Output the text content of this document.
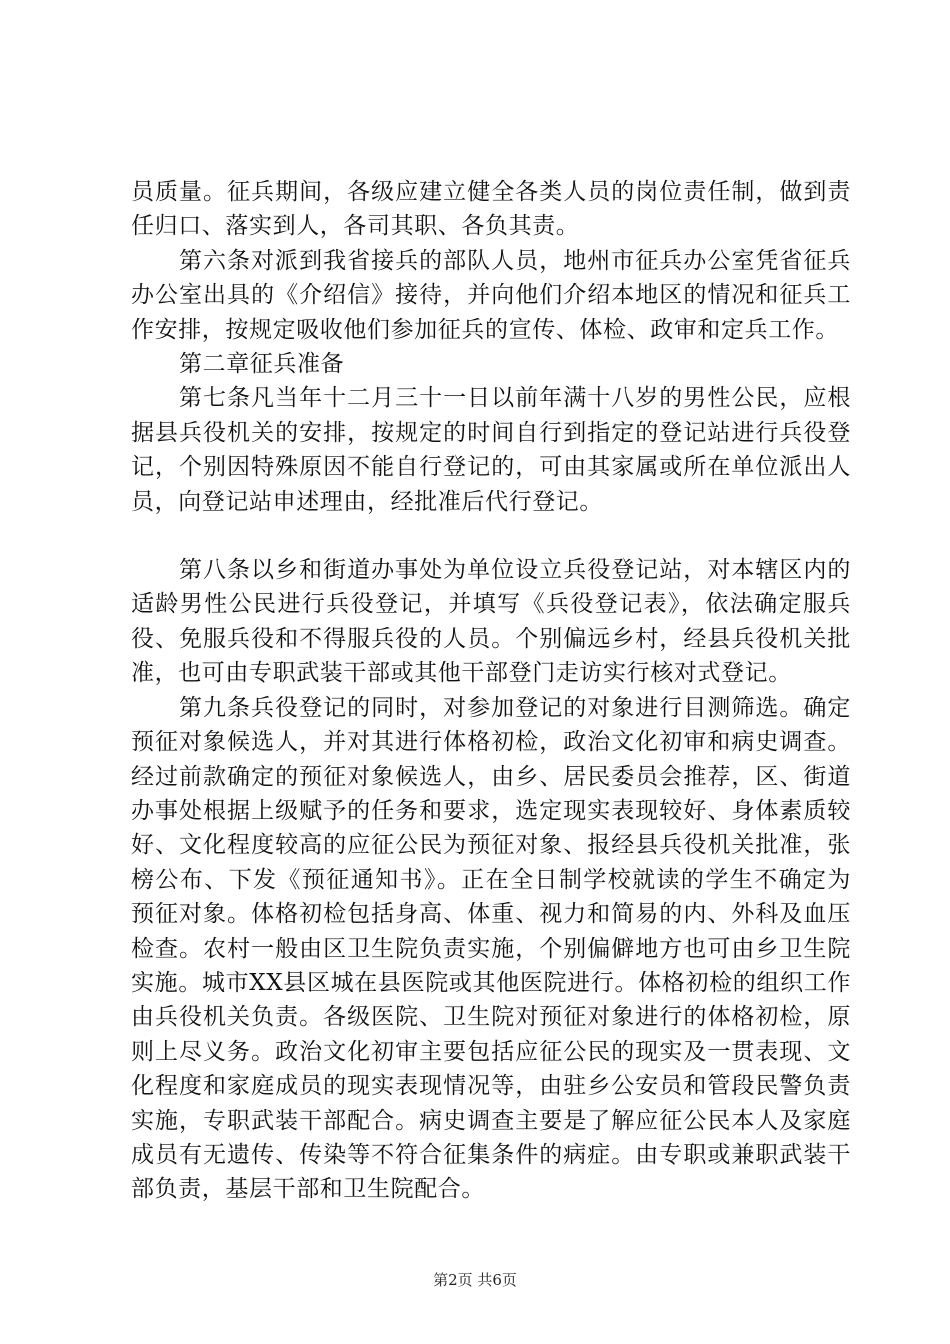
员质量。征兵期间，各级应建立健全各类人员的岗位责任制，做到责任归口、落实到人，各司其职、各负其责。

第六条对派到我省接兵的部队人员，地州市征兵办公室凭省征兵办公室出具的《介绍信》接待，并向他们介绍本地区的情况和征兵工作安排，按规定吸收他们参加征兵的宣传、体检、政审和定兵工作。

第二章征兵准备

第七条凡当年十二月三十一日以前年满十八岁的男性公民，应根据县兵役机关的安排，按规定的时间自行到指定的登记站进行兵役登记，个别因特殊原因不能自行登记的，可由其家属或所在单位派出人员，向登记站申述理由，经批准后代行登记。

第八条以乡和街道办事处为单位设立兵役登记站，对本辖区内的适龄男性公民进行兵役登记，并填写《兵役登记表》，依法确定服兵役、免服兵役和不得服兵役的人员。个别偏远乡村，经县兵役机关批准，也可由专职武装干部或其他干部登门走访实行核对式登记。

第九条兵役登记的同时，对参加登记的对象进行目测筛选。确定预征对象候选人，并对其进行体格初检，政治文化初审和病史调查。经过前款确定的预征对象候选人，由乡、居民委员会推荐，区、街道办事处根据上级赋予的任务和要求，选定现实表现较好、身体素质较好、文化程度较高的应征公民为预征对象、报经县兵役机关批准，张榜公布、下发《预征通知书》。正在全日制学校就读的学生不确定为预征对象。体格初检包括身高、体重、视力和简易的内、外科及血压检查。农村一般由区卫生院负责实施，个别偏僻地方也可由乡卫生院实施。城市XX县区城在县医院或其他医院进行。体格初检的组织工作由兵役机关负责。各级医院、卫生院对预征对象进行的体格初检，原则上尽义务。政治文化初审主要包括应征公民的现实及一贯表现、文化程度和家庭成员的现实表现情况等，由驻乡公安员和管段民警负责实施，专职武装干部配合。病史调查主要是了解应征公民本人及家庭成员有无遗传、传染等不符合征集条件的病症。由专职或兼职武装干部负责，基层干部和卫生院配合。

第2页 共6页
